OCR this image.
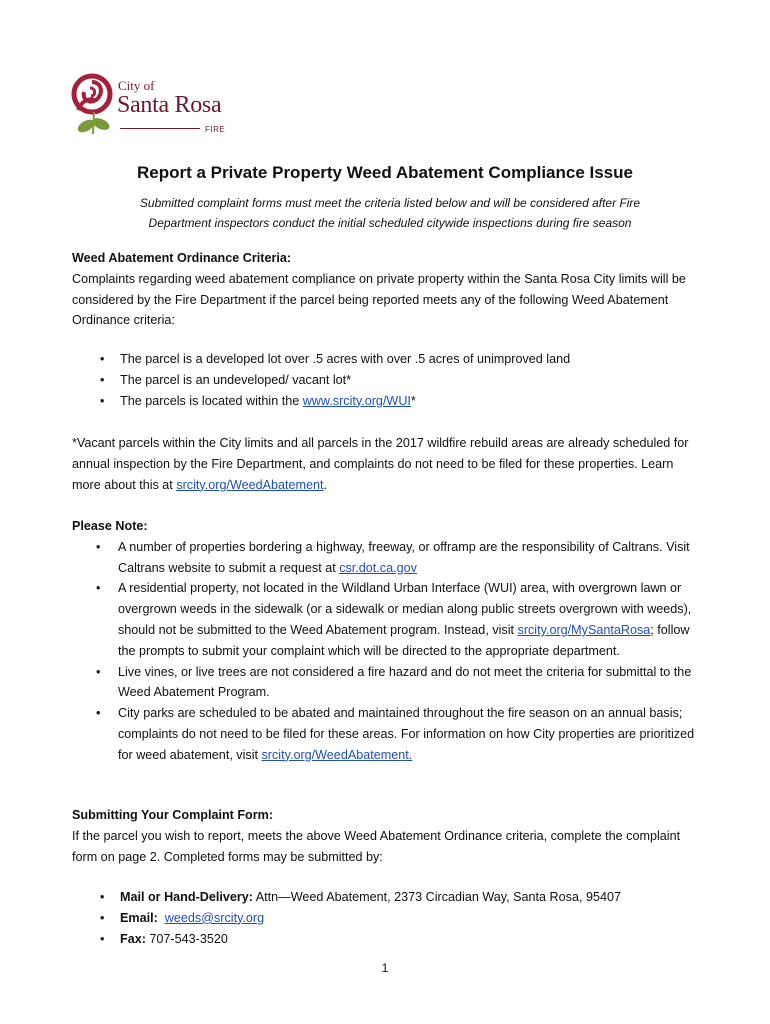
City of
Santa Rosa
FIRE
Report a Private Property Weed Abatement Compliance Issue
Submitted complaint forms must meet the criteria listed below and will be considered after Fire
Department inspectors conduct the initial scheduled citywide inspections during fire season
Weed Abatement Ordinance Criteria:
Complaints regarding weed abatement compliance on private property within the Santa Rosa City limits will be considered by the Fire Department if the parcel being reported meets any of the following Weed Abatement Ordinance criteria:
• The parcel is a developed lot over .5 acres with over .5 acres of unimproved land
• The parcel is an undeveloped/ vacant lot*
• The parcels is located within the www.srcity.org/WUI*
*Vacant parcels within the City limits and all parcels in the 2017 wildfire rebuild areas are already scheduled for annual inspection by the Fire Department, and complaints do not need to be filed for these properties. Learn more about this at srcity.org/WeedAbatement.
Please Note:
• A number of properties bordering a highway, freeway, or offramp are the responsibility of Caltrans. Visit Caltrans website to submit a request at csr.dot.ca.gov
• A residential property, not located in the Wildland Urban Interface (WUI) area, with overgrown lawn or overgrown weeds in the sidewalk (or a sidewalk or median along public streets overgrown with weeds), should not be submitted to the Weed Abatement program. Instead, visit srcity.org/MySantaRosa; follow the prompts to submit your complaint which will be directed to the appropriate department.
• Live vines, or live trees are not considered a fire hazard and do not meet the criteria for submittal to the Weed Abatement Program.
• City parks are scheduled to be abated and maintained throughout the fire season on an annual basis; complaints do not need to be filed for these areas. For information on how City properties are prioritized for weed abatement, visit srcity.org/WeedAbatement.
Submitting Your Complaint Form:
If the parcel you wish to report, meets the above Weed Abatement Ordinance criteria, complete the complaint form on page 2. Completed forms may be submitted by:
• Mail or Hand-Delivery: Attn—Weed Abatement, 2373 Circadian Way, Santa Rosa, 95407
• Email: weeds@srcity.org
• Fax: 707-543-3520
1
